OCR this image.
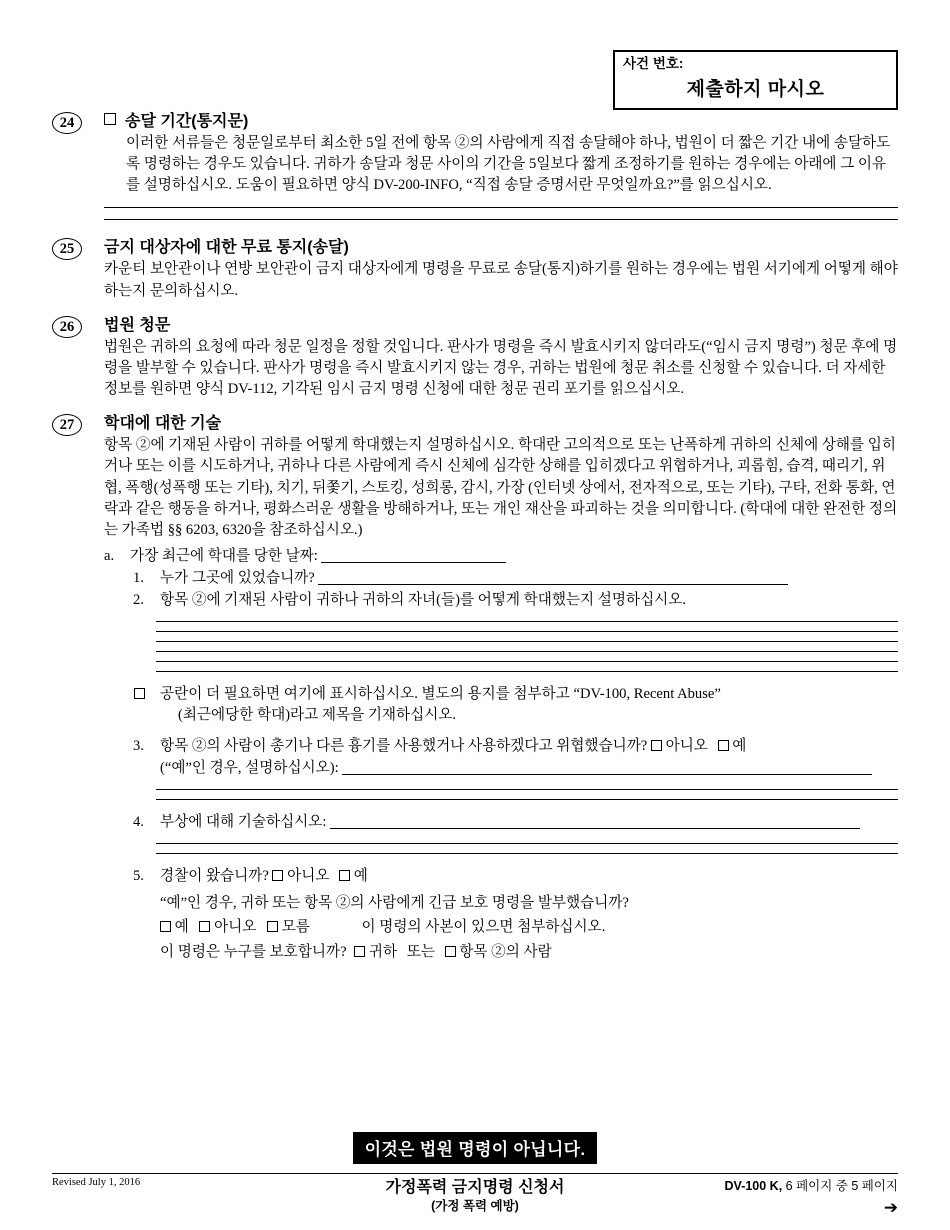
사건 번호:
제출하지 마시오
24	송달 기간(통지문)
이러한 서류들은 청문일로부터 최소한 5일 전에 항목 ②의 사람에게 직접 송달해야 하나, 법원이 더 짧은 기간 내에 송달하도록 명령하는 경우도 있습니다. 귀하가 송달과 청문 사이의 기간을 5일보다 짧게 조정하기를 원하는 경우에는 아래에 그 이유를 설명하십시오. 도움이 필요하면 양식 DV-200-INFO, “직접 송달 증명서란 무엇일까요?”를 읽으십시오.
25	금지 대상자에 대한 무료 통지(송달)
카운티 보안관이나 연방 보안관이 금지 대상자에게 명령을 무료로 송달(통지)하기를 원하는 경우에는 법원 서기에게 어떻게 해야 하는지 문의하십시오.
26	법원 청문
법원은 귀하의 요청에 따라 청문 일정을 정할 것입니다. 판사가 명령을 즉시 발효시키지 않더라도(“임시 금지 명령”) 청문 후에 명령을 발부할 수 있습니다. 판사가 명령을 즉시 발효시키지 않는 경우, 귀하는 법원에 청문 취소를 신청할 수 있습니다. 더 자세한 정보를 원하면 양식 DV-112, 기각된 임시 금지 명령 신청에 대한 청문 권리 포기를 읽으십시오.
27	학대에 대한 기술
항목 ②에 기재된 사람이 귀하를 어떻게 학대했는지 설명하십시오. 학대란 고의적으로 또는 난폭하게 귀하의 신체에 상해를 입히거나 또는 이를 시도하거나, 귀하나 다른 사람에게 즉시 신체에 심각한 상해를 입히겠다고 위협하거나, 괴롭힘, 습격, 때리기, 위협, 폭행(성폭행 또는 기타), 치기, 뒤쫓기, 스토킹, 성희롱, 감시, 가장 (인터넷 상에서, 전자적으로, 또는 기타), 구타, 전화 통화, 연락과 같은 행동을 하거나, 평화스러운 생활을 방해하거나, 또는 개인 재산을 파괴하는 것을 의미합니다. (학대에 대한 완전한 정의는 가족법 §§ 6203, 6320을 참조하십시오.)
a. 가장 최근에 학대를 당한 날짜:
1. 누가 그곳에 있었습니까?
2. 항목 ②에 기재된 사람이 귀하나 귀하의 자녀(들)를 어떻게 학대했는지 설명하십시오.
공란이 더 필요하면 여기에 표시하십시오. 별도의 용지를 첨부하고 “DV-100, Recent Abuse”
(최근에당한 학대)라고 제목을 기재하십시오.
3. 항목 ②의 사람이 총기나 다른 흉기를 사용했거나 사용하겠다고 위협했습니까? 아니오 예
(“예”인 경우, 설명하십시오):
4. 부상에 대해 기술하십시오:
5. 경찰이 왔습니까? 아니오 예
“예”인 경우, 귀하 또는 항목 ②의 사람에게 긴급 보호 명령을 발부했습니까?
예 아니오 모름	이 명령의 사본이 있으면 첨부하십시오.
이 명령은 누구를 보호합니까? 귀하 또는 항목 ②의 사람
이것은 법원 명령이 아닙니다.
Revised July 1, 2016	가정폭력 금지명령 신청서
(가정 폭력 예방)
DV-100 K, 6 페이지 중 5 페이지
➔
